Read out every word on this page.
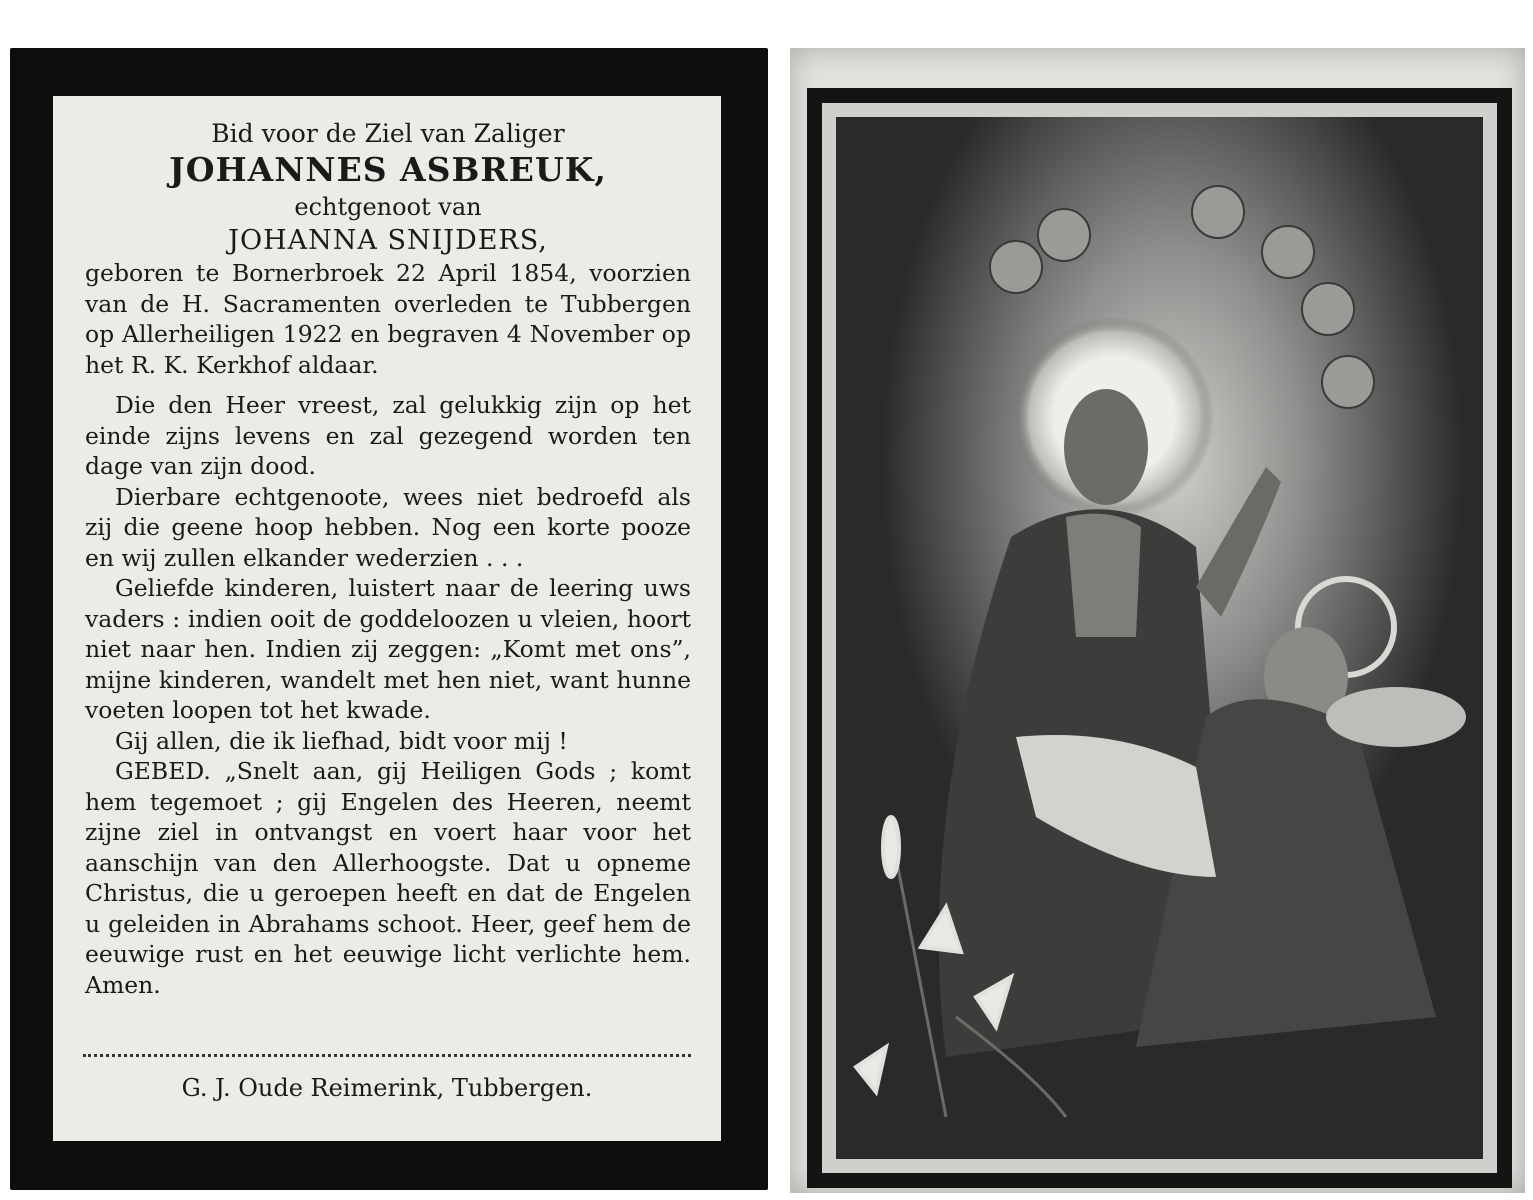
Bid voor de Ziel van Zaliger
JOHANNES ASBREUK,
echtgenoot van
JOHANNA SNIJDERS,

geboren te Bornerbroek 22 April 1854, voorzien van de H. Sacramenten overleden te Tubbergen op Allerheiligen 1922 en begraven 4 November op het R. K. Kerkhof aldaar.

Die den Heer vreest, zal gelukkig zijn op het einde zijns levens en zal gezegend worden ten dage van zijn dood.

Dierbare echtgenoote, wees niet bedroefd als zij die geene hoop hebben. Nog een korte pooze en wij zullen elkander wederzien . . .

Geliefde kinderen, luistert naar de leering uws vaders : indien ooit de goddeloozen u vleien, hoort niet naar hen. Indien zij zeggen: „Komt met ons”, mijne kinderen, wandelt met hen niet, want hunne voeten loopen tot het kwade.

Gij allen, die ik liefhad, bidt voor mij !

GEBED. „Snelt aan, gij Heiligen Gods ; komt hem tegemoet ; gij Engelen des Heeren, neemt zijne ziel in ontvangst en voert haar voor het aanschijn van den Allerhoogste. Dat u opneme Christus, die u geroepen heeft en dat de Engelen u geleiden in Abrahams schoot. Heer, geef hem de eeuwige rust en het eeuwige licht verlichte hem. Amen.

G. J. Oude Reimerink, Tubbergen.
